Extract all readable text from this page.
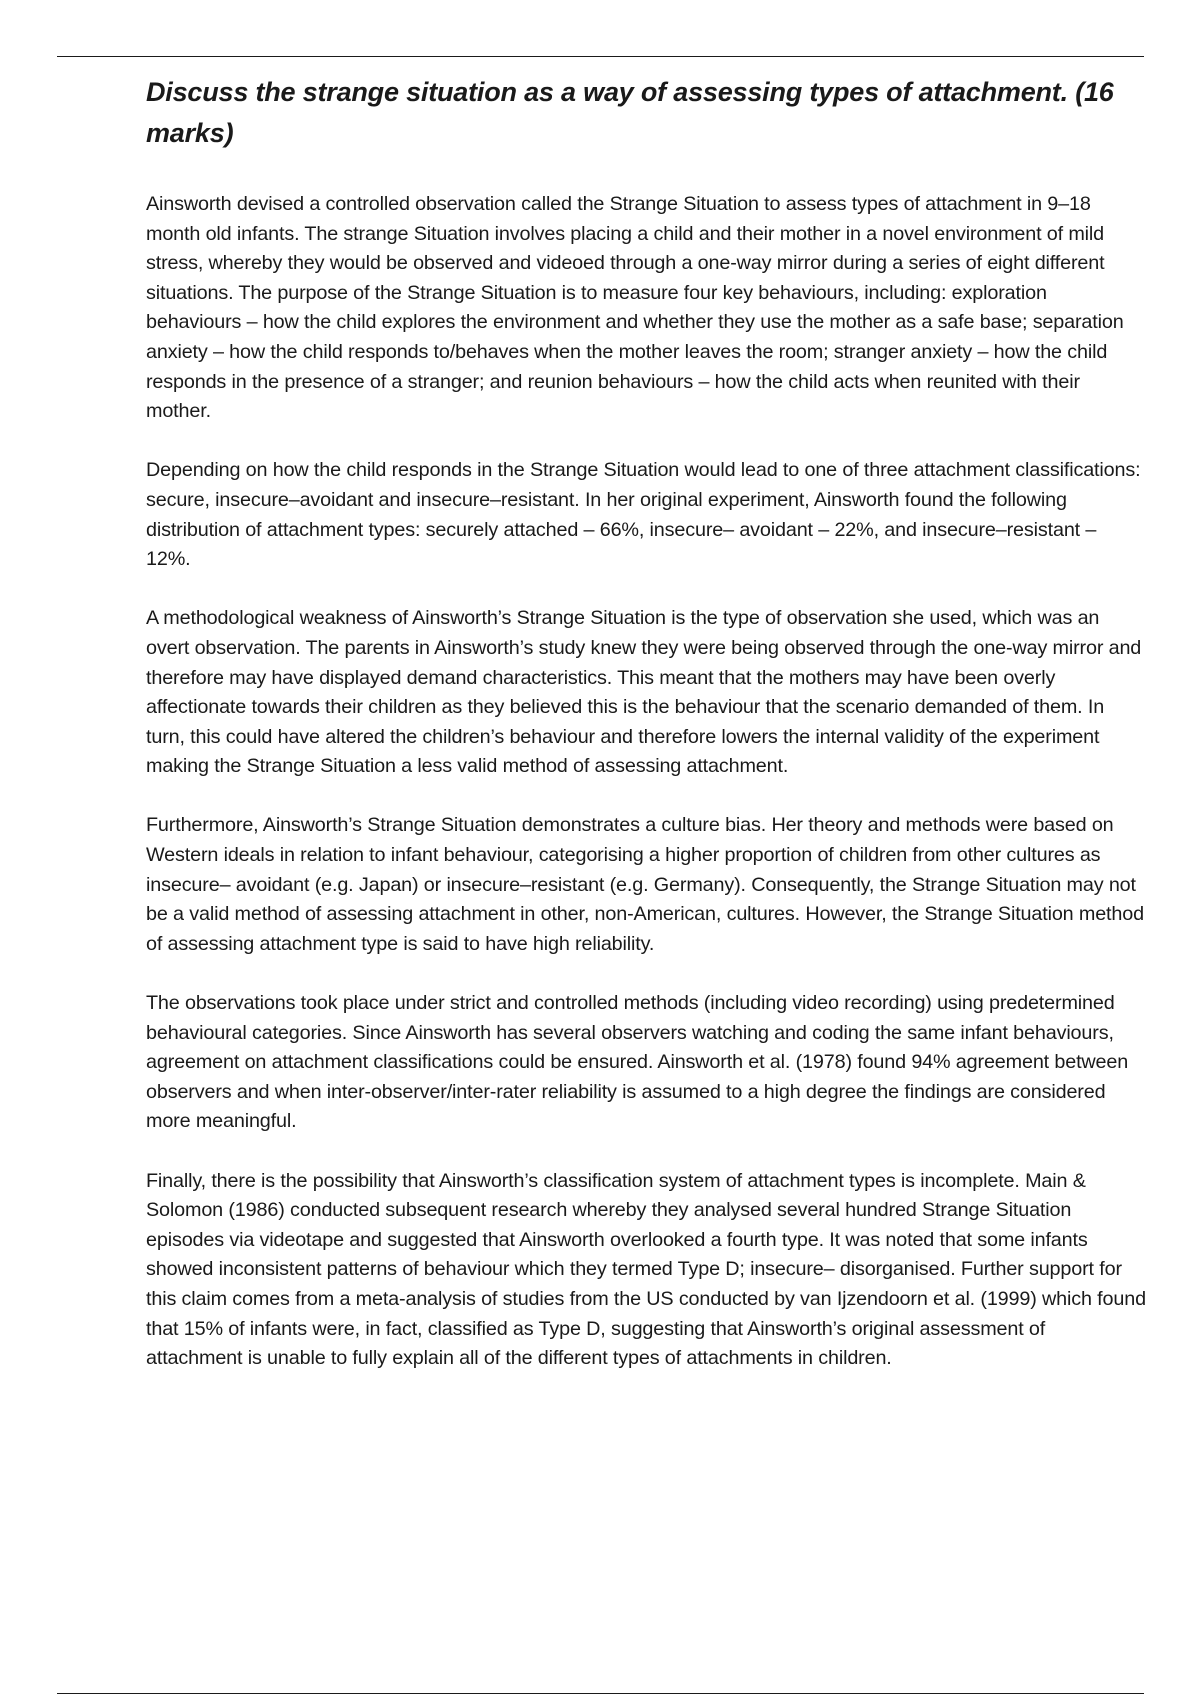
Discuss the strange situation as a way of assessing types of attachment. (16 marks)

Ainsworth devised a controlled observation called the Strange Situation to assess types of attachment in 9–18 month old infants. The strange Situation involves placing a child and their mother in a novel environment of mild stress, whereby they would be observed and videoed through a one-way mirror during a series of eight different situations. The purpose of the Strange Situation is to measure four key behaviours, including: exploration behaviours – how the child explores the environment and whether they use the mother as a safe base; separation anxiety – how the child responds to/behaves when the mother leaves the room; stranger anxiety – how the child responds in the presence of a stranger; and reunion behaviours – how the child acts when reunited with their mother.

Depending on how the child responds in the Strange Situation would lead to one of three attachment classifications: secure, insecure–avoidant and insecure–resistant. In her original experiment, Ainsworth found the following distribution of attachment types: securely attached – 66%, insecure– avoidant – 22%, and insecure–resistant – 12%.

A methodological weakness of Ainsworth’s Strange Situation is the type of observation she used, which was an overt observation. The parents in Ainsworth’s study knew they were being observed through the one-way mirror and therefore may have displayed demand characteristics. This meant that the mothers may have been overly affectionate towards their children as they believed this is the behaviour that the scenario demanded of them. In turn, this could have altered the children’s behaviour and therefore lowers the internal validity of the experiment making the Strange Situation a less valid method of assessing attachment.

Furthermore, Ainsworth’s Strange Situation demonstrates a culture bias. Her theory and methods were based on Western ideals in relation to infant behaviour, categorising a higher proportion of children from other cultures as insecure– avoidant (e.g. Japan) or insecure–resistant (e.g. Germany). Consequently, the Strange Situation may not be a valid method of assessing attachment in other, non-American, cultures. However, the Strange Situation method of assessing attachment type is said to have high reliability.

The observations took place under strict and controlled methods (including video recording) using predetermined behavioural categories. Since Ainsworth has several observers watching and coding the same infant behaviours, agreement on attachment classifications could be ensured. Ainsworth et al. (1978) found 94% agreement between observers and when inter-observer/inter-rater reliability is assumed to a high degree the findings are considered more meaningful.

Finally, there is the possibility that Ainsworth’s classification system of attachment types is incomplete. Main & Solomon (1986) conducted subsequent research whereby they analysed several hundred Strange Situation episodes via videotape and suggested that Ainsworth overlooked a fourth type. It was noted that some infants showed inconsistent patterns of behaviour which they termed Type D; insecure– disorganised. Further support for this claim comes from a meta-analysis of studies from the US conducted by van Ijzendoorn et al. (1999) which found that 15% of infants were, in fact, classified as Type D, suggesting that Ainsworth’s original assessment of attachment is unable to fully explain all of the different types of attachments in children.
